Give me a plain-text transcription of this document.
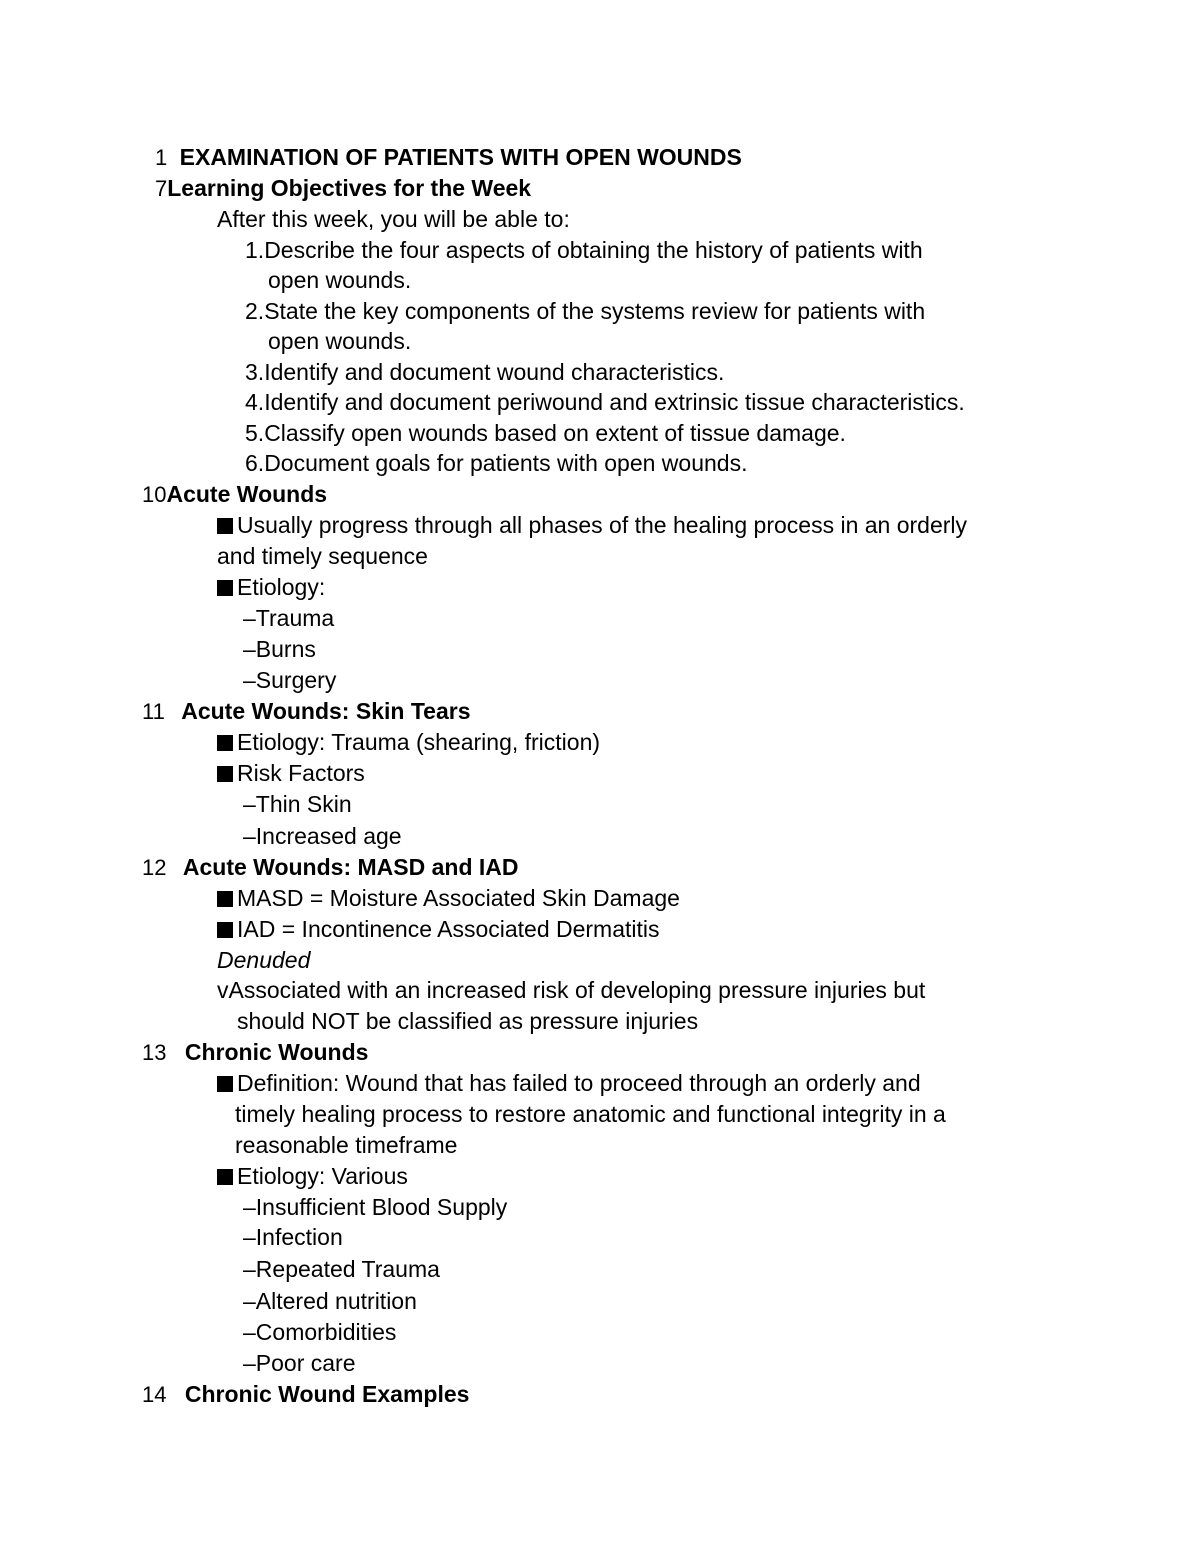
1 EXAMINATION OF PATIENTS WITH OPEN WOUNDS
7Learning Objectives for the Week
After this week, you will be able to:
1.Describe the four aspects of obtaining the history of patients with
open wounds.
2.State the key components of the systems review for patients with
open wounds.
3.Identify and document wound characteristics.
4.Identify and document periwound and extrinsic tissue characteristics.
5.Classify open wounds based on extent of tissue damage.
6.Document goals for patients with open wounds.
10Acute Wounds
Usually progress through all phases of the healing process in an orderly
and timely sequence
Etiology:
–Trauma
–Burns
–Surgery
11 Acute Wounds: Skin Tears
Etiology: Trauma (shearing, friction)
Risk Factors
–Thin Skin
–Increased age
12 Acute Wounds: MASD and IAD
MASD = Moisture Associated Skin Damage
IAD = Incontinence Associated Dermatitis
Denuded
vAssociated with an increased risk of developing pressure injuries but
should NOT be classified as pressure injuries
13 Chronic Wounds
Definition: Wound that has failed to proceed through an orderly and
timely healing process to restore anatomic and functional integrity in a
reasonable timeframe
Etiology: Various
–Insufficient Blood Supply
–Infection
–Repeated Trauma
–Altered nutrition
–Comorbidities
–Poor care
14 Chronic Wound Examples
